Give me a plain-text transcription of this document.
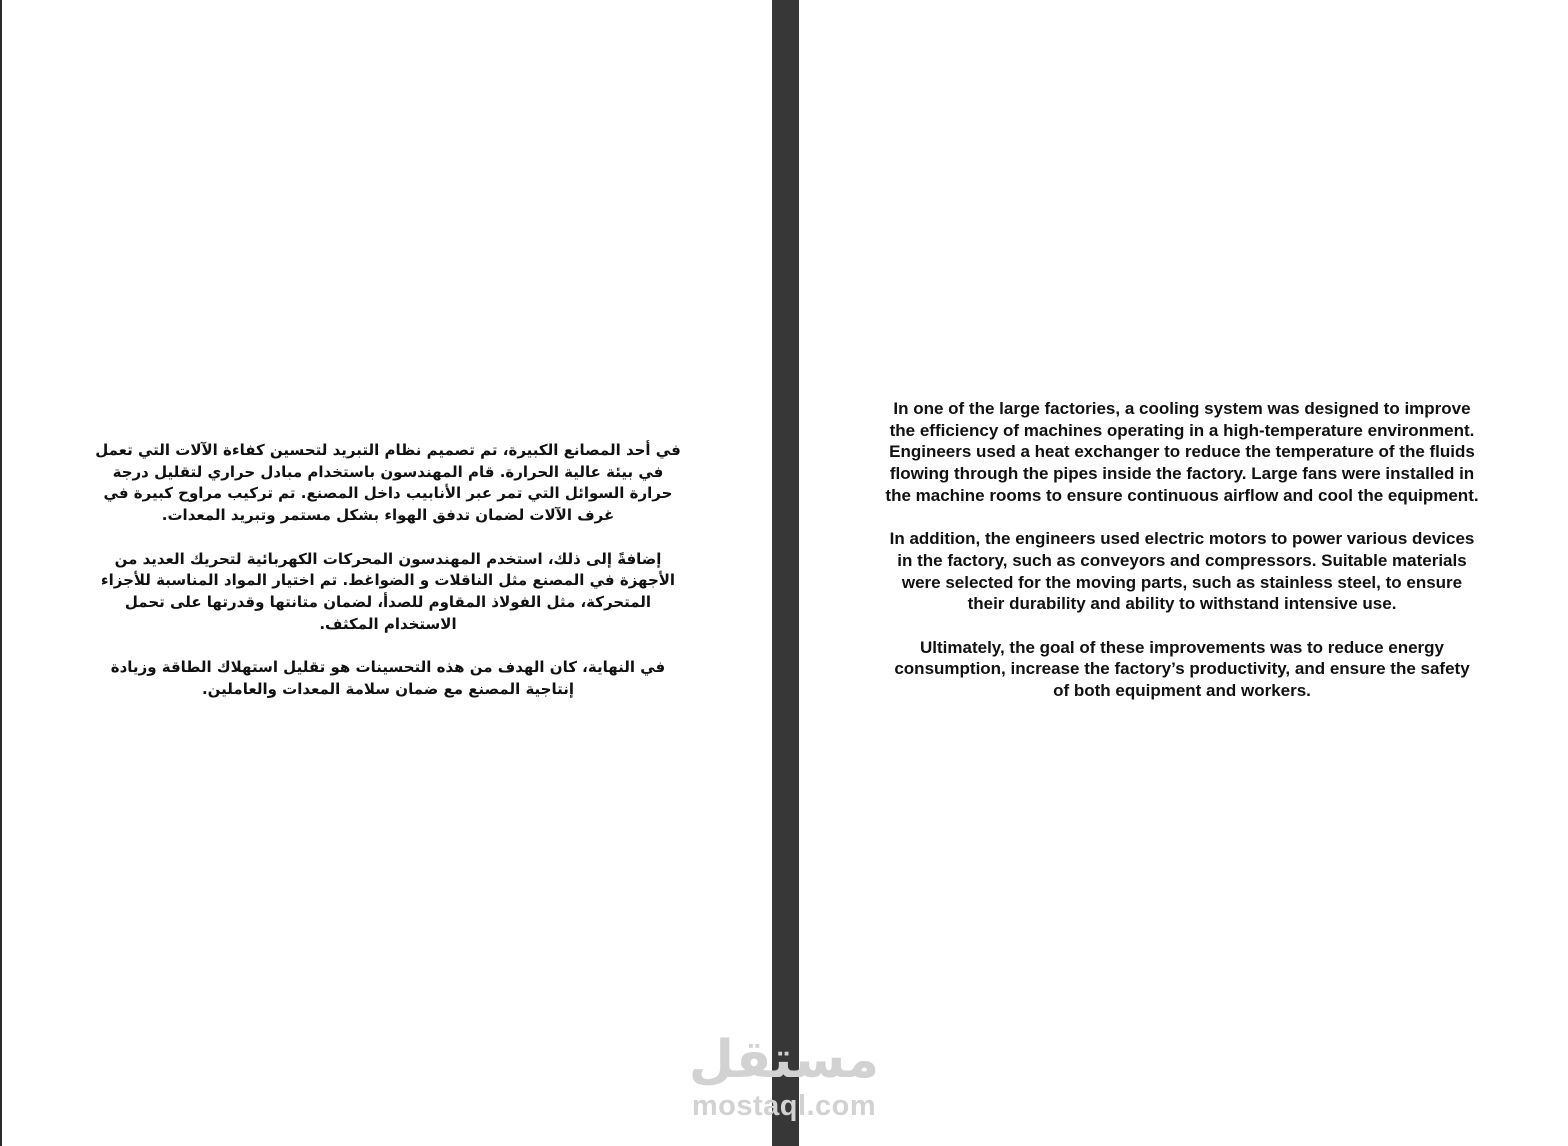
في أحد المصانع الكبيرة، تم تصميم نظام التبريد لتحسين كفاءة الآلات التي تعمل في بيئة عالية الحرارة. قام المهندسون باستخدام مبادل حراري لتقليل درجة حرارة السوائل التي تمر عبر الأنابيب داخل المصنع. تم تركيب مراوح كبيرة في غرف الآلات لضمان تدفق الهواء بشكل مستمر وتبريد المعدات.

إضافةً إلى ذلك، استخدم المهندسون المحركات الكهربائية لتحريك العديد من الأجهزة في المصنع مثل الناقلات و الضواغط. تم اختيار المواد المناسبة للأجزاء المتحركة، مثل الفولاذ المقاوم للصدأ، لضمان متانتها وقدرتها على تحمل الاستخدام المكثف.

في النهاية، كان الهدف من هذه التحسينات هو تقليل استهلاك الطاقة وزيادة إنتاجية المصنع مع ضمان سلامة المعدات والعاملين.

In one of the large factories, a cooling system was designed to improve the efficiency of machines operating in a high-temperature environment. Engineers used a heat exchanger to reduce the temperature of the fluids flowing through the pipes inside the factory. Large fans were installed in the machine rooms to ensure continuous airflow and cool the equipment.

In addition, the engineers used electric motors to power various devices in the factory, such as conveyors and compressors. Suitable materials were selected for the moving parts, such as stainless steel, to ensure their durability and ability to withstand intensive use.

Ultimately, the goal of these improvements was to reduce energy consumption, increase the factory’s productivity, and ensure the safety of both equipment and workers.

مستقل
mostaql.com
